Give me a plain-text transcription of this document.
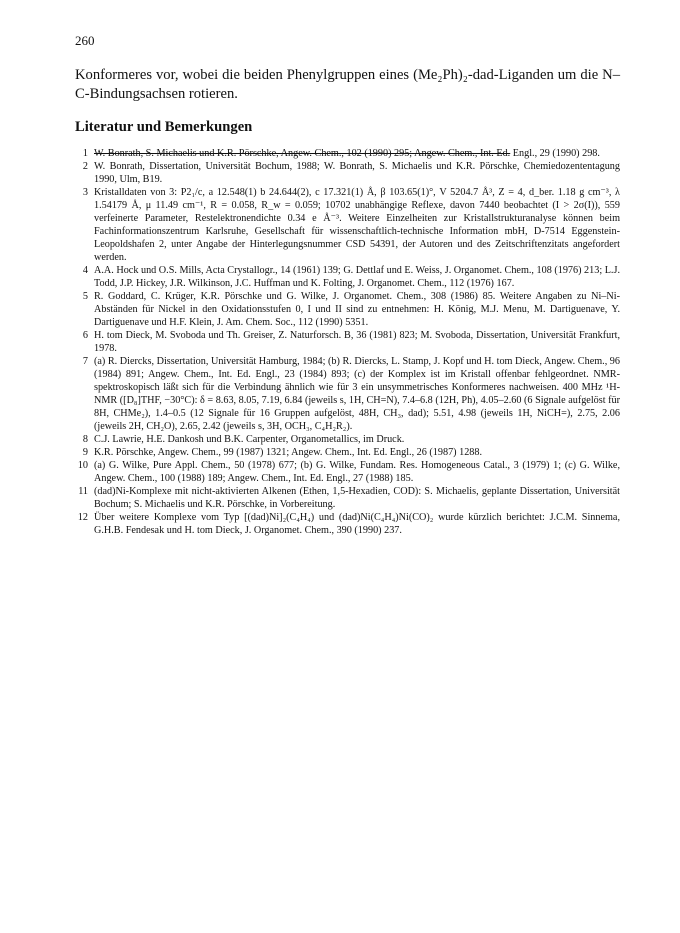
260
Konformeres vor, wobei die beiden Phenylgruppen eines (Me₂Ph)₂-dad-Liganden um die N–C-Bindungsachsen rotieren.
Literatur und Bemerkungen
1 W. Bonrath, S. Michaelis und K.R. Pörschke, Angew. Chem., 102 (1990) 295; Angew. Chem., Int. Ed. Engl., 29 (1990) 298.
2 W. Bonrath, Dissertation, Universität Bochum, 1988; W. Bonrath, S. Michaelis und K.R. Pörschke, Chemiedozententagung 1990, Ulm, B19.
3 Kristalldaten von 3: P2₁/c, a 12.548(1) b 24.644(2), c 17.321(1) Å, β 103.65(1)°, V 5204.7 Å³, Z = 4, d_ber. 1.18 g cm⁻³, λ 1.54179 Å, μ 11.49 cm⁻¹, R = 0.058, R_w = 0.059; 10702 unabhängige Reflexe, davon 7440 beobachtet (I > 2σ(I)), 559 verfeinerte Parameter, Restelektronendichte 0.34 e Å⁻³. Weitere Einzelheiten zur Kristallstrukturanalyse können beim Fachinformationszentrum Karlsruhe, Gesellschaft für wissenschaftlich-technische Information mbH, D-7514 Eggenstein-Leopoldshafen 2, unter Angabe der Hinterlegungsnummer CSD 54391, der Autoren und des Zeitschriftenzitats angefordert werden.
4 A.A. Hock und O.S. Mills, Acta Crystallogr., 14 (1961) 139; G. Dettlaf und E. Weiss, J. Organomet. Chem., 108 (1976) 213; L.J. Todd, J.P. Hickey, J.R. Wilkinson, J.C. Huffman und K. Folting, J. Organomet. Chem., 112 (1976) 167.
5 R. Goddard, C. Krüger, K.R. Pörschke und G. Wilke, J. Organomet. Chem., 308 (1986) 85. Weitere Angaben zu Ni–Ni-Abständen für Nickel in den Oxidationsstufen 0, I und II sind zu entnehmen: H. König, M.J. Menu, M. Dartiguenave, Y. Dartiguenave und H.F. Klein, J. Am. Chem. Soc., 112 (1990) 5351.
6 H. tom Dieck, M. Svoboda und Th. Greiser, Z. Naturforsch. B, 36 (1981) 823; M. Svoboda, Dissertation, Universität Frankfurt, 1978.
7 (a) R. Diercks, Dissertation, Universität Hamburg, 1984; (b) R. Diercks, L. Stamp, J. Kopf und H. tom Dieck, Angew. Chem., 96 (1984) 891; Angew. Chem., Int. Ed. Engl., 23 (1984) 893; (c) der Komplex ist im Kristall offenbar fehlgeordnet. NMR-spektroskopisch läßt sich für die Verbindung ähnlich wie für 3 ein unsymmetrisches Konformeres nachweisen. 400 MHz ¹H-NMR ([D₈]THF, −30°C): δ = 8.63, 8.05, 7.19, 6.84 (jeweils s, 1H, CH=N), 7.4–6.8 (12H, Ph), 4.05–2.60 (6 Signale aufgelöst für 8H, CHMe₂), 1.4–0.5 (12 Signale für 16 Gruppen aufgelöst, 48H, CH₃, dad); 5.51, 4.98 (jeweils 1H, NiCH=), 2.75, 2.06 (jeweils 2H, CH₂O), 2.65, 2.42 (jeweils s, 3H, OCH₃, C₄H₂R₂).
8 C.J. Lawrie, H.E. Dankosh und B.K. Carpenter, Organometallics, im Druck.
9 K.R. Pörschke, Angew. Chem., 99 (1987) 1321; Angew. Chem., Int. Ed. Engl., 26 (1987) 1288.
10 (a) G. Wilke, Pure Appl. Chem., 50 (1978) 677; (b) G. Wilke, Fundam. Res. Homogeneous Catal., 3 (1979) 1; (c) G. Wilke, Angew. Chem., 100 (1988) 189; Angew. Chem., Int. Ed. Engl., 27 (1988) 185.
11 (dad)Ni-Komplexe mit nicht-aktivierten Alkenen (Ethen, 1,5-Hexadien, COD): S. Michaelis, geplante Dissertation, Universität Bochum; S. Michaelis und K.R. Pörschke, in Vorbereitung.
12 Über weitere Komplexe vom Typ [(dad)Ni]₂(C₄H₄) und (dad)Ni(C₄H₄)Ni(CO)₂ wurde kürzlich berichtet: J.C.M. Sinnema, G.H.B. Fendesak und H. tom Dieck, J. Organomet. Chem., 390 (1990) 237.
